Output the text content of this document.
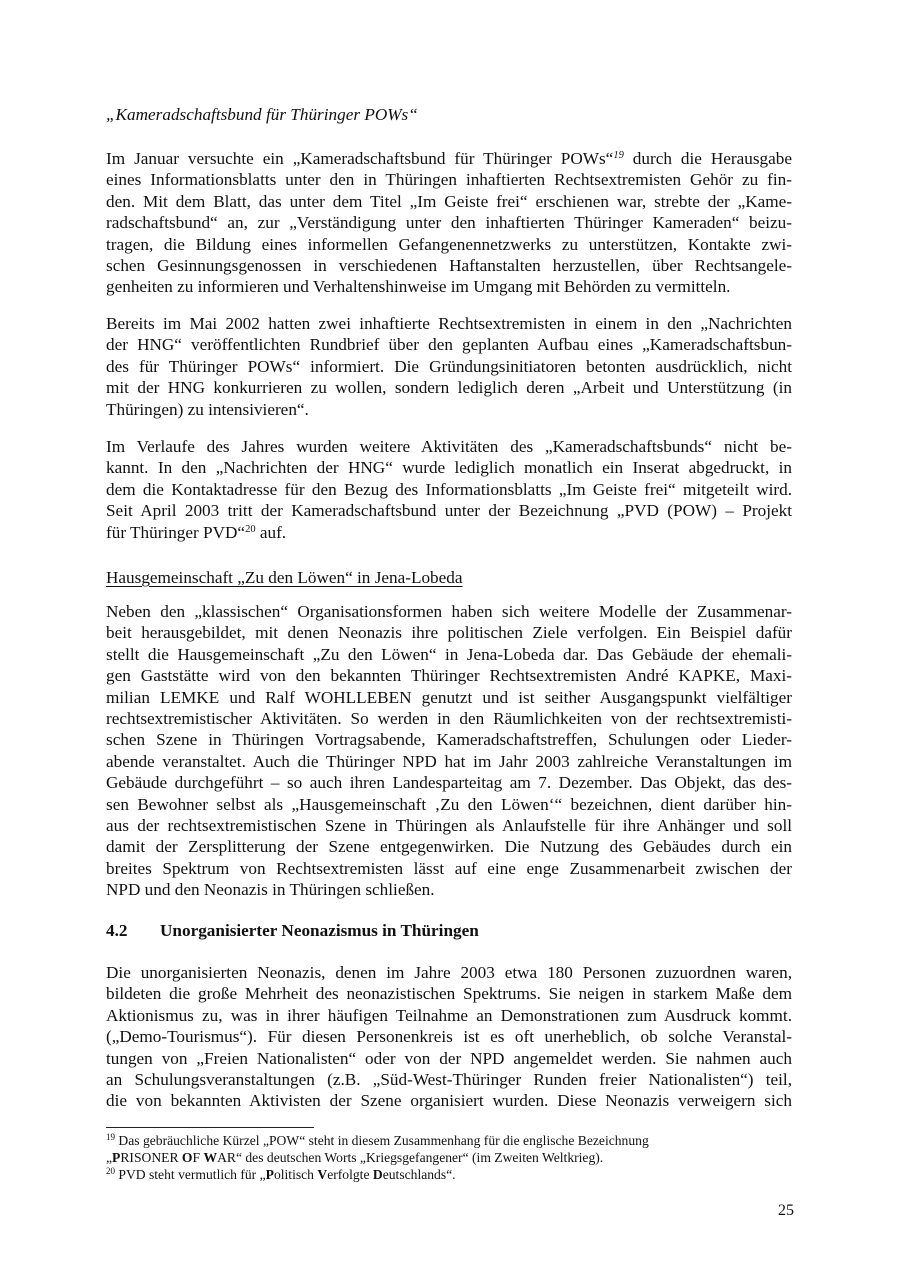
„Kameradschaftsbund für Thüringer POWs“
Im Januar versuchte ein „Kameradschaftsbund für Thüringer POWs“$^{19}$ durch die Herausgabe
eines Informationsblatts unter den in Thüringen inhaftierten Rechtsextremisten Gehör zu fin-
den. Mit dem Blatt, das unter dem Titel „Im Geiste frei“ erschienen war, strebte der „Kame-
radschaftsbund“ an, zur „Verständigung unter den inhaftierten Thüringer Kameraden“ beizu-
tragen, die Bildung eines informellen Gefangenennetzwerks zu unterstützen, Kontakte zwi-
schen Gesinnungsgenossen in verschiedenen Haftanstalten herzustellen, über Rechtsangele-
genheiten zu informieren und Verhaltenshinweise im Umgang mit Behörden zu vermitteln.
Bereits im Mai 2002 hatten zwei inhaftierte Rechtsextremisten in einem in den „Nachrichten
der HNG“ veröffentlichten Rundbrief über den geplanten Aufbau eines „Kameradschaftsbun-
des für Thüringer POWs“ informiert. Die Gründungsinitiatoren betonten ausdrücklich, nicht
mit der HNG konkurrieren zu wollen, sondern lediglich deren „Arbeit und Unterstützung (in
Thüringen) zu intensivieren“.
Im Verlaufe des Jahres wurden weitere Aktivitäten des „Kameradschaftsbunds“ nicht be-
kannt. In den „Nachrichten der HNG“ wurde lediglich monatlich ein Inserat abgedruckt, in
dem die Kontaktadresse für den Bezug des Informationsblatts „Im Geiste frei“ mitgeteilt wird.
Seit April 2003 tritt der Kameradschaftsbund unter der Bezeichnung „PVD (POW) – Projekt
für Thüringer PVD“$^{20}$ auf.
Hausgemeinschaft „Zu den Löwen“ in Jena-Lobeda
Neben den „klassischen“ Organisationsformen haben sich weitere Modelle der Zusammenar-
beit herausgebildet, mit denen Neonazis ihre politischen Ziele verfolgen. Ein Beispiel dafür
stellt die Hausgemeinschaft „Zu den Löwen“ in Jena-Lobeda dar. Das Gebäude der ehemali-
gen Gaststätte wird von den bekannten Thüringer Rechtsextremisten André KAPKE, Maxi-
milian LEMKE und Ralf WOHLLEBEN genutzt und ist seither Ausgangspunkt vielfältiger
rechtsextremistischer Aktivitäten. So werden in den Räumlichkeiten von der rechtsextremisti-
schen Szene in Thüringen Vortragsabende, Kameradschaftstreffen, Schulungen oder Lieder-
abende veranstaltet. Auch die Thüringer NPD hat im Jahr 2003 zahlreiche Veranstaltungen im
Gebäude durchgeführt – so auch ihren Landesparteitag am 7. Dezember. Das Objekt, das des-
sen Bewohner selbst als „Hausgemeinschaft ‚Zu den Löwen‘“ bezeichnen, dient darüber hin-
aus der rechtsextremistischen Szene in Thüringen als Anlaufstelle für ihre Anhänger und soll
damit der Zersplitterung der Szene entgegenwirken. Die Nutzung des Gebäudes durch ein
breites Spektrum von Rechtsextremisten lässt auf eine enge Zusammenarbeit zwischen der
NPD und den Neonazis in Thüringen schließen.
4.2 Unorganisierter Neonazismus in Thüringen
Die unorganisierten Neonazis, denen im Jahre 2003 etwa 180 Personen zuzuordnen waren,
bildeten die große Mehrheit des neonazistischen Spektrums. Sie neigen in starkem Maße dem
Aktionismus zu, was in ihrer häufigen Teilnahme an Demonstrationen zum Ausdruck kommt.
(„Demo-Tourismus“). Für diesen Personenkreis ist es oft unerheblich, ob solche Veranstal-
tungen von „Freien Nationalisten“ oder von der NPD angemeldet werden. Sie nahmen auch
an Schulungsveranstaltungen (z.B. „Süd-West-Thüringer Runden freier Nationalisten“) teil,
die von bekannten Aktivisten der Szene organisiert wurden. Diese Neonazis verweigern sich
$^{19}$ Das gebräuchliche Kürzel „POW“ steht in diesem Zusammenhang für die englische Bezeichnung
„PRISONER OF WAR“ des deutschen Worts „Kriegsgefangener“ (im Zweiten Weltkrieg).
$^{20}$ PVD steht vermutlich für „Politisch Verfolgte Deutschlands“.
25
